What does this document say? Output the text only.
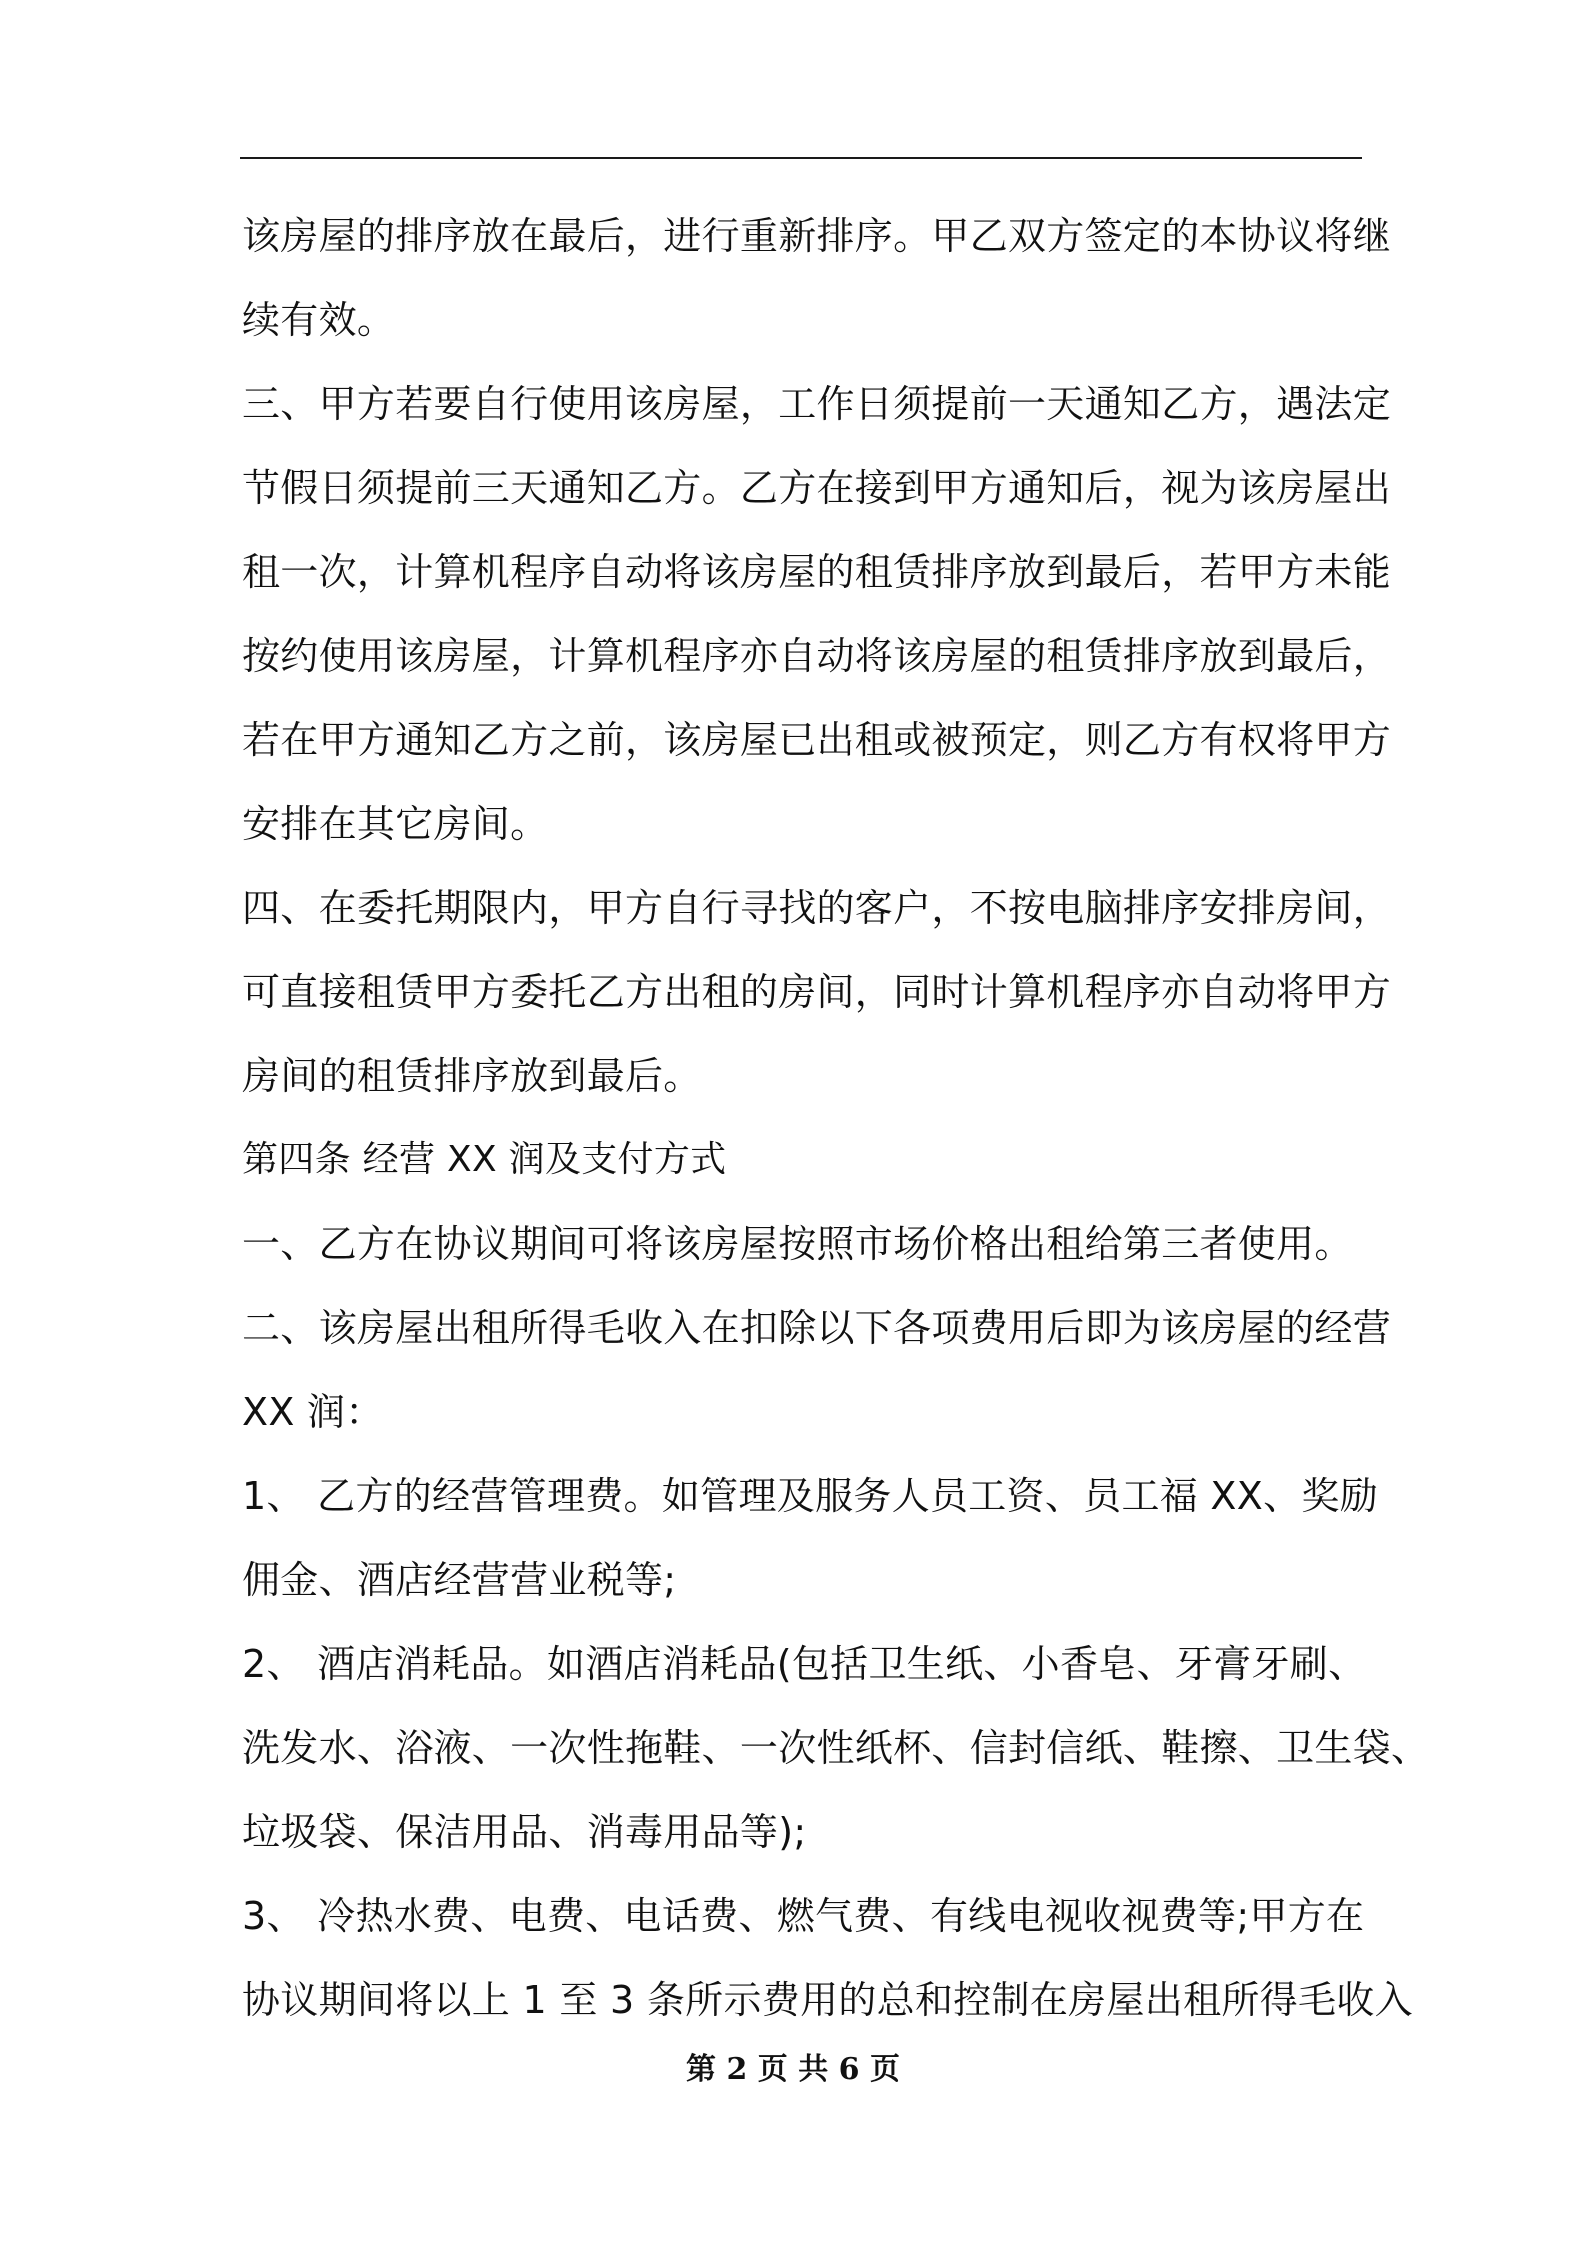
该房屋的排序放在最后，进行重新排序。甲乙双方签定的本协议将继
续有效。
三、甲方若要自行使用该房屋，工作日须提前一天通知乙方，遇法定
节假日须提前三天通知乙方。乙方在接到甲方通知后，视为该房屋出
租一次，计算机程序自动将该房屋的租赁排序放到最后，若甲方未能
按约使用该房屋，计算机程序亦自动将该房屋的租赁排序放到最后，
若在甲方通知乙方之前，该房屋已出租或被预定，则乙方有权将甲方
安排在其它房间。
四、在委托期限内，甲方自行寻找的客户，不按电脑排序安排房间，
可直接租赁甲方委托乙方出租的房间，同时计算机程序亦自动将甲方
房间的租赁排序放到最后。
第四条 经营 XX 润及支付方式
一、乙方在协议期间可将该房屋按照市场价格出租给第三者使用。
二、该房屋出租所得毛收入在扣除以下各项费用后即为该房屋的经营
XX 润：
1、 乙方的经营管理费。如管理及服务人员工资、员工福 XX、奖励
佣金、酒店经营营业税等;
2、 酒店消耗品。如酒店消耗品(包括卫生纸、小香皂、牙膏牙刷、
洗发水、浴液、一次性拖鞋、一次性纸杯、信封信纸、鞋擦、卫生袋、
垃圾袋、保洁用品、消毒用品等);
3、 冷热水费、电费、电话费、燃气费、有线电视收视费等;甲方在
协议期间将以上 1 至 3 条所示费用的总和控制在房屋出租所得毛收入
第 2 页 共 6 页
